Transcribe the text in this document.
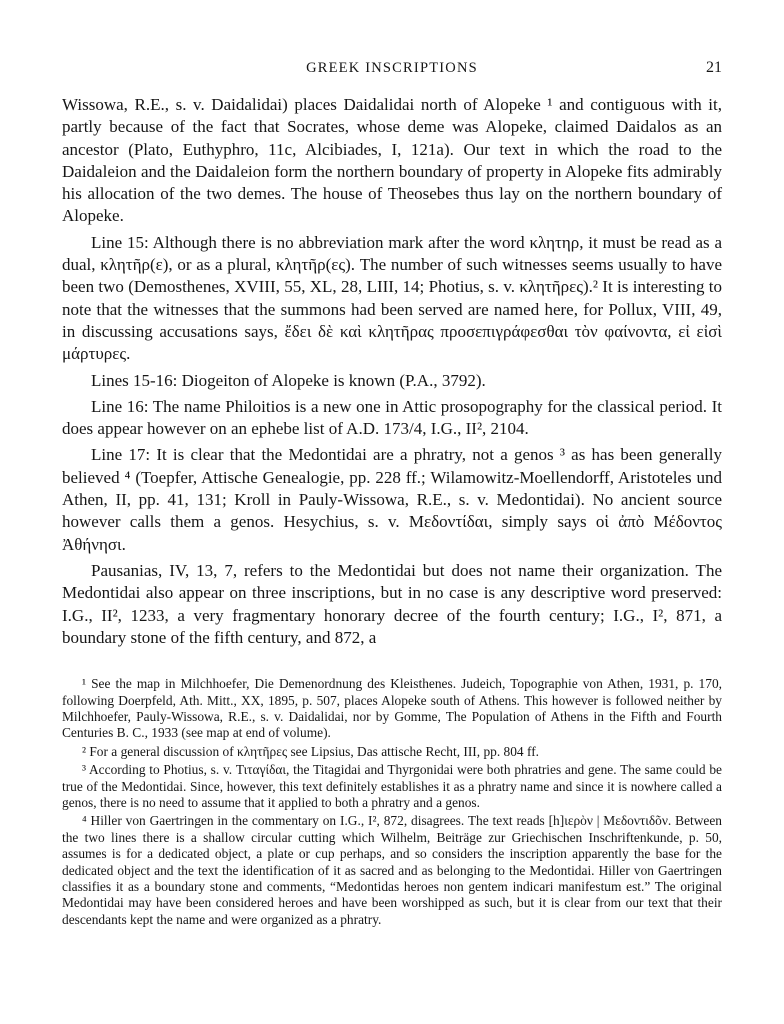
GREEK INSCRIPTIONS	21

Wissowa, R.E., s. v. Daidalidai) places Daidalidai north of Alopeke ¹ and contiguous with it, partly because of the fact that Socrates, whose deme was Alopeke, claimed Daidalos as an ancestor (Plato, Euthyphro, 11c, Alcibiades, I, 121a). Our text in which the road to the Daidaleion and the Daidaleion form the northern boundary of property in Alopeke fits admirably his allocation of the two demes. The house of Theosebes thus lay on the northern boundary of Alopeke.

Line 15: Although there is no abbreviation mark after the word κλητηρ, it must be read as a dual, κλητῆρ(ε), or as a plural, κλητῆρ(ες). The number of such witnesses seems usually to have been two (Demosthenes, XVIII, 55, XL, 28, LIII, 14; Photius, s. v. κλητῆρες).² It is interesting to note that the witnesses that the summons had been served are named here, for Pollux, VIII, 49, in discussing accusations says, ἔδει δὲ καὶ κλητῆρας προσεπιγράφεσθαι τὸν φαίνοντα, εἰ εἰσὶ μάρτυρες.

Lines 15-16: Diogeiton of Alopeke is known (P.A., 3792).

Line 16: The name Philoitios is a new one in Attic prosopography for the classical period. It does appear however on an ephebe list of A.D. 173/4, I.G., II², 2104.

Line 17: It is clear that the Medontidai are a phratry, not a genos ³ as has been generally believed ⁴ (Toepfer, Attische Genealogie, pp. 228 ff.; Wilamowitz-Moellendorff, Aristoteles und Athen, II, pp. 41, 131; Kroll in Pauly-Wissowa, R.E., s. v. Medontidai). No ancient source however calls them a genos. Hesychius, s. v. Μεδοντίδαι, simply says οἱ ἀπὸ Μέδοντος Ἀθήνησι.

Pausanias, IV, 13, 7, refers to the Medontidai but does not name their organization. The Medontidai also appear on three inscriptions, but in no case is any descriptive word preserved: I.G., II², 1233, a very fragmentary honorary decree of the fourth century; I.G., I², 871, a boundary stone of the fifth century, and 872, a

¹ See the map in Milchhoefer, Die Demenordnung des Kleisthenes. Judeich, Topographie von Athen, 1931, p. 170, following Doerpfeld, Ath. Mitt., XX, 1895, p. 507, places Alopeke south of Athens. This however is followed neither by Milchhoefer, Pauly-Wissowa, R.E., s. v. Daidalidai, nor by Gomme, The Population of Athens in the Fifth and Fourth Centuries B. C., 1933 (see map at end of volume).

² For a general discussion of κλητῆρες see Lipsius, Das attische Recht, III, pp. 804 ff.

³ According to Photius, s. v. Τιταγίδαι, the Titagidai and Thyrgonidai were both phratries and gene. The same could be true of the Medontidai. Since, however, this text definitely establishes it as a phratry name and since it is nowhere called a genos, there is no need to assume that it applied to both a phratry and a genos.

⁴ Hiller von Gaertringen in the commentary on I.G., I², 872, disagrees. The text reads [h]ιερὸν | Μεδοντιδõν. Between the two lines there is a shallow circular cutting which Wilhelm, Beiträge zur Griechischen Inschriftenkunde, p. 50, assumes is for a dedicated object, a plate or cup perhaps, and so considers the inscription apparently the base for the dedicated object and the text the identification of it as sacred and as belonging to the Medontidai. Hiller von Gaertringen classifies it as a boundary stone and comments, “Medontidas heroes non gentem indicari manifestum est.” The original Medontidai may have been considered heroes and have been worshipped as such, but it is clear from our text that their descendants kept the name and were organized as a phratry.
